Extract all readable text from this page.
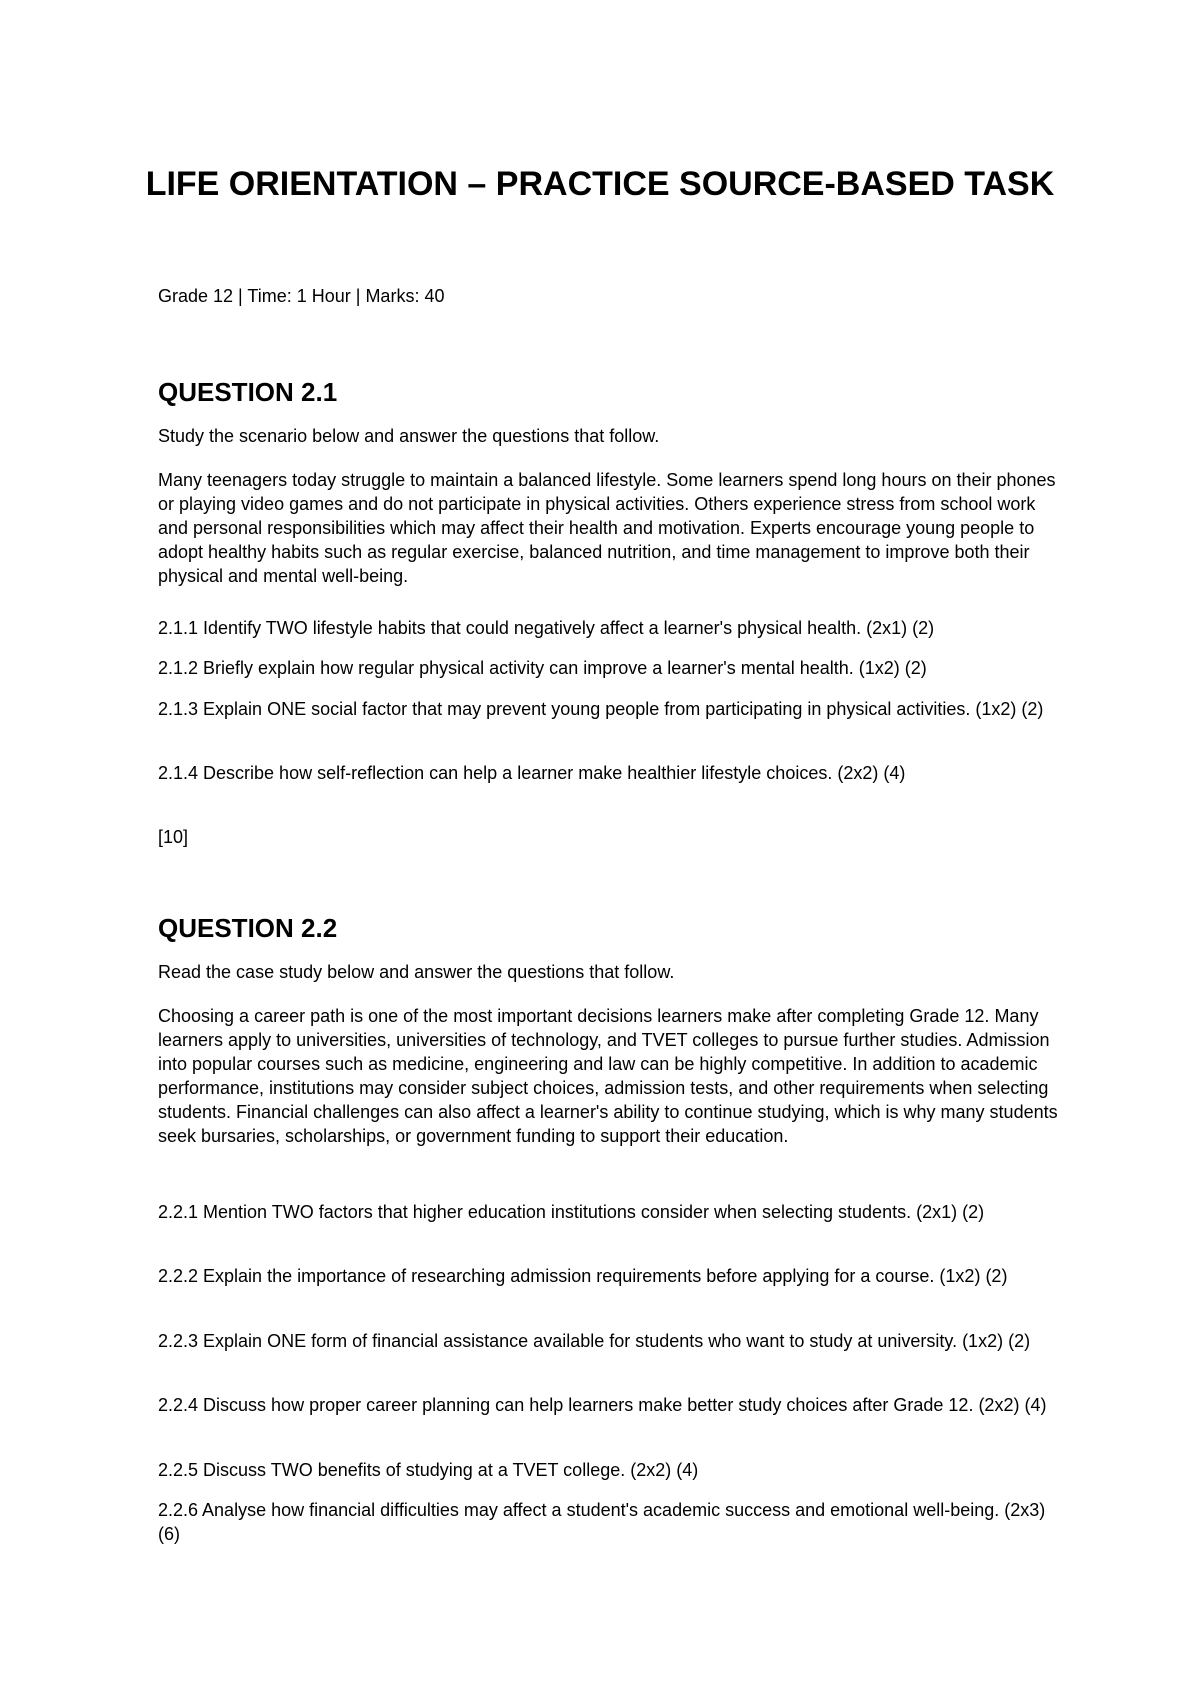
LIFE ORIENTATION – PRACTICE SOURCE-BASED TASK

Grade 12 | Time: 1 Hour | Marks: 40

QUESTION 2.1

Study the scenario below and answer the questions that follow.

Many teenagers today struggle to maintain a balanced lifestyle. Some learners spend long hours on their phones or playing video games and do not participate in physical activities. Others experience stress from school work and personal responsibilities which may affect their health and motivation. Experts encourage young people to adopt healthy habits such as regular exercise, balanced nutrition, and time management to improve both their physical and mental well-being.

2.1.1 Identify TWO lifestyle habits that could negatively affect a learner's physical health. (2x1) (2)

2.1.2 Briefly explain how regular physical activity can improve a learner's mental health. (1x2) (2)

2.1.3 Explain ONE social factor that may prevent young people from participating in physical activities. (1x2) (2)

2.1.4 Describe how self-reflection can help a learner make healthier lifestyle choices. (2x2) (4)

[10]

QUESTION 2.2

Read the case study below and answer the questions that follow.

Choosing a career path is one of the most important decisions learners make after completing Grade 12. Many learners apply to universities, universities of technology, and TVET colleges to pursue further studies. Admission into popular courses such as medicine, engineering and law can be highly competitive. In addition to academic performance, institutions may consider subject choices, admission tests, and other requirements when selecting students. Financial challenges can also affect a learner's ability to continue studying, which is why many students seek bursaries, scholarships, or government funding to support their education.

2.2.1 Mention TWO factors that higher education institutions consider when selecting students. (2x1) (2)

2.2.2 Explain the importance of researching admission requirements before applying for a course. (1x2) (2)

2.2.3 Explain ONE form of financial assistance available for students who want to study at university. (1x2) (2)

2.2.4 Discuss how proper career planning can help learners make better study choices after Grade 12. (2x2) (4)

2.2.5 Discuss TWO benefits of studying at a TVET college. (2x2) (4)

2.2.6 Analyse how financial difficulties may affect a student's academic success and emotional well-being. (2x3) (6)
